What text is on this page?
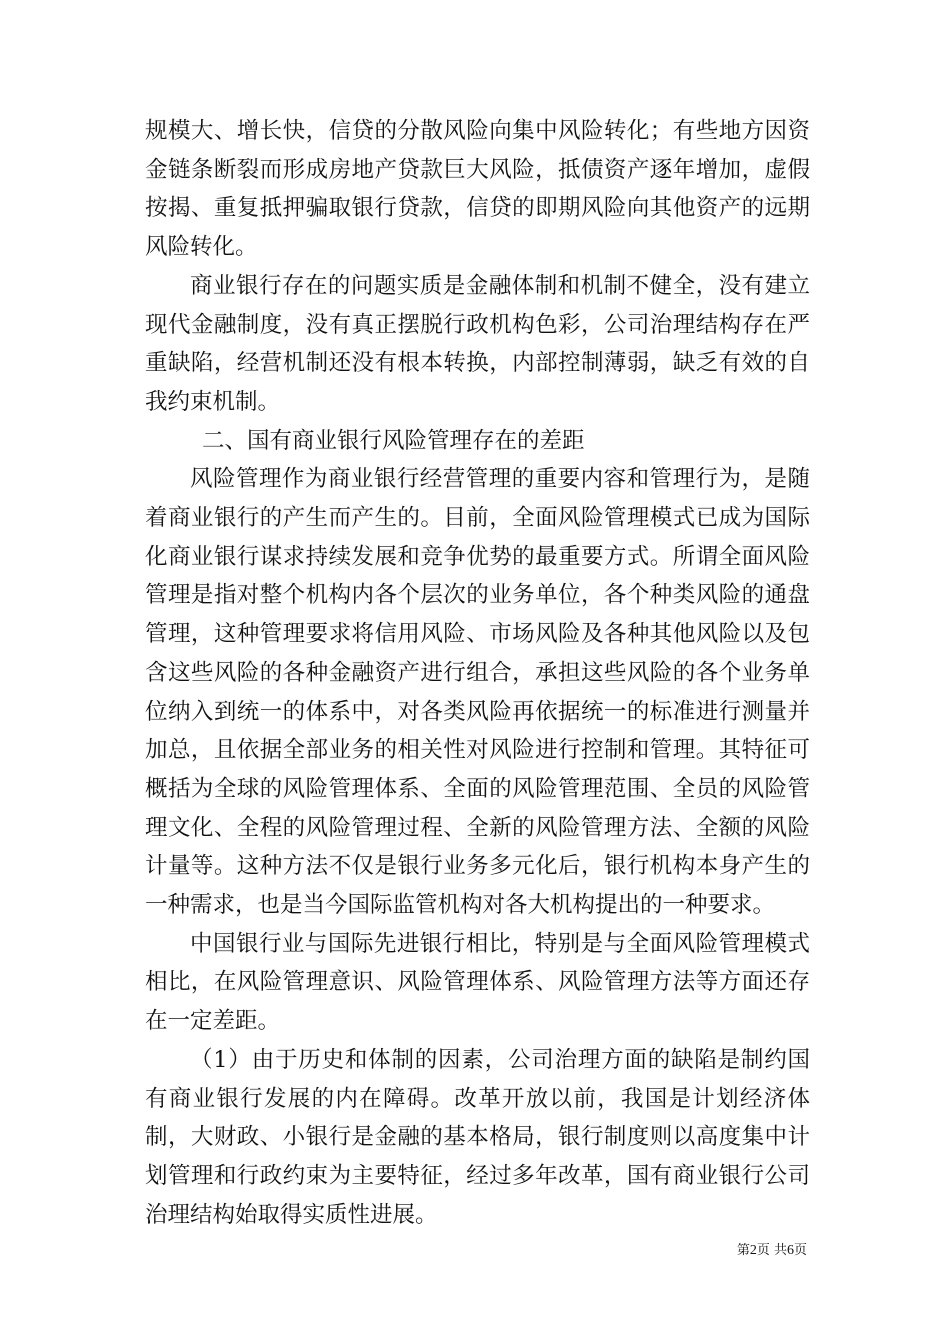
规模大、增长快，信贷的分散风险向集中风险转化；有些地方因资金链条断裂而形成房地产贷款巨大风险，抵债资产逐年增加，虚假按揭、重复抵押骗取银行贷款，信贷的即期风险向其他资产的远期风险转化。

商业银行存在的问题实质是金融体制和机制不健全，没有建立现代金融制度，没有真正摆脱行政机构色彩，公司治理结构存在严重缺陷，经营机制还没有根本转换，内部控制薄弱，缺乏有效的自我约束机制。

二、国有商业银行风险管理存在的差距

风险管理作为商业银行经营管理的重要内容和管理行为，是随着商业银行的产生而产生的。目前，全面风险管理模式已成为国际化商业银行谋求持续发展和竞争优势的最重要方式。所谓全面风险管理是指对整个机构内各个层次的业务单位，各个种类风险的通盘管理，这种管理要求将信用风险、市场风险及各种其他风险以及包含这些风险的各种金融资产进行组合，承担这些风险的各个业务单位纳入到统一的体系中，对各类风险再依据统一的标准进行测量并加总，且依据全部业务的相关性对风险进行控制和管理。其特征可概括为全球的风险管理体系、全面的风险管理范围、全员的风险管理文化、全程的风险管理过程、全新的风险管理方法、全额的风险计量等。这种方法不仅是银行业务多元化后，银行机构本身产生的一种需求，也是当今国际监管机构对各大机构提出的一种要求。

中国银行业与国际先进银行相比，特别是与全面风险管理模式相比，在风险管理意识、风险管理体系、风险管理方法等方面还存在一定差距。

（1）由于历史和体制的因素，公司治理方面的缺陷是制约国有商业银行发展的内在障碍。改革开放以前，我国是计划经济体制，大财政、小银行是金融的基本格局，银行制度则以高度集中计划管理和行政约束为主要特征，经过多年改革，国有商业银行公司治理结构始取得实质性进展。

第2页 共6页
